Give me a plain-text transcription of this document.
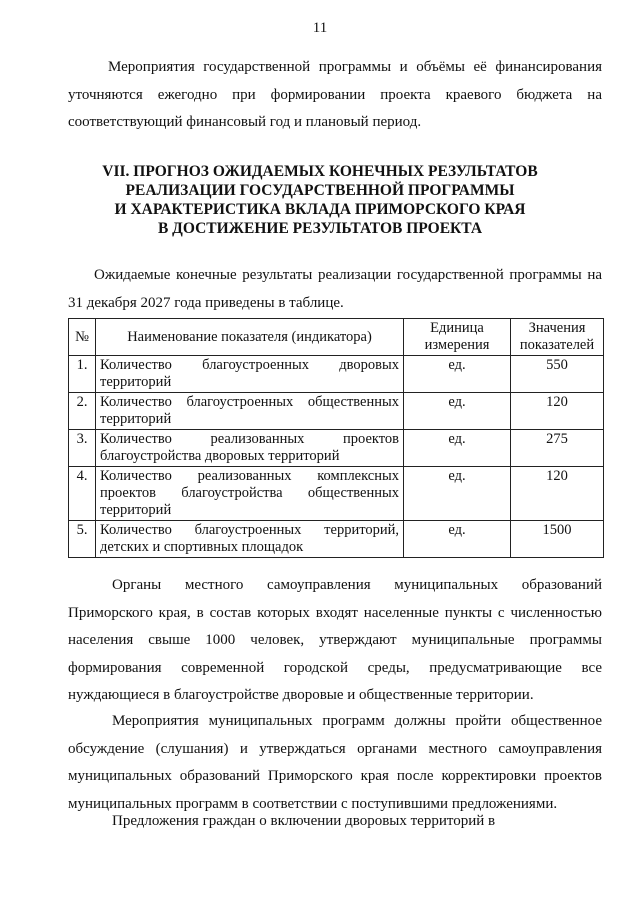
11

Мероприятия государственной программы и объёмы её финансирования уточняются ежегодно при формировании проекта краевого бюджета на соответствующий финансовый год и плановый период.

VII. ПРОГНОЗ ОЖИДАЕМЫХ КОНЕЧНЫХ РЕЗУЛЬТАТОВ
РЕАЛИЗАЦИИ ГОСУДАРСТВЕННОЙ ПРОГРАММЫ
И ХАРАКТЕРИСТИКА ВКЛАДА ПРИМОРСКОГО КРАЯ
В ДОСТИЖЕНИЕ РЕЗУЛЬТАТОВ ПРОЕКТА

Ожидаемые конечные результаты реализации государственной программы на 31 декабря 2027 года приведены в таблице.

№	Наименование показателя (индикатора)	Единица измерения	Значения показателей
1.	Количество благоустроенных дворовых территорий	ед.	550
2.	Количество благоустроенных общественных территорий	ед.	120
3.	Количество реализованных проектов благоустройства дворовых территорий	ед.	275
4.	Количество реализованных комплексных проектов благоустройства общественных территорий	ед.	120
5.	Количество благоустроенных территорий, детских и спортивных площадок	ед.	1500

Органы местного самоуправления муниципальных образований Приморского края, в состав которых входят населенные пункты с численностью населения свыше 1000 человек, утверждают муниципальные программы формирования современной городской среды, предусматривающие все нуждающиеся в благоустройстве дворовые и общественные территории.

Мероприятия муниципальных программ должны пройти общественное обсуждение (слушания) и утверждаться органами местного самоуправления муниципальных образований Приморского края после корректировки проектов муниципальных программ в соответствии с поступившими предложениями.

Предложения граждан о включении дворовых территорий в
